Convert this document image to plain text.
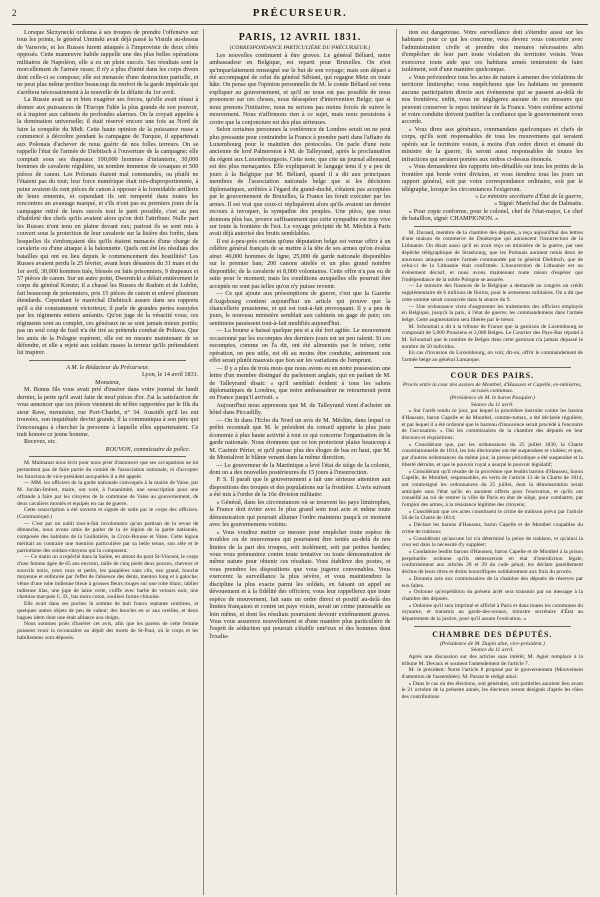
2	PRÉCURSEUR.

Lorsque Skrzynecki ordonna à ses troupes de prendre l'offensive sur tous les points, le général Uminski avait déjà passé la Vistule au-dessus de Varsovie, et les Russes furent attaqués à l'improviste de deux côtés opposés. Cette manœuvre habile rappelle une des plus belles opérations militaires de Napoléon, elle a eu un plein succès. Ses résultats sont le morcellement de l'armée russe; il n'y a plus d'unité dans les corps divers dont celle-ci se compose; elle est menacée d'une destruction partielle, et ne peut plus même profiter beaucoup du renfort de la garde impériale qui s'arrêtera nécessairement à la nouvelle de la défaite du 1er avril.

La Russie avait su et bien exagérer ses forces, qu'elle avait réussi à donner aux puissances de l'Europe l'idée la plus grande de son pouvoir, et à inspirer aux cabinets de profondes alarmes. On la croyait appelée à la domination universelle; il était réservé encore une fois au Nord de faire la conquête du Midi. Cette haute opinion de la puissance russe a commencé à décroître pendant la campagne de Turquie, il appartenait aux Polonais d'achever de nous guérir de nos folles terreurs. On se rappelle l'état de l'armée de Diebitsch à l'ouverture de la campagne; elle comptait sous ses drapeaux 100,000 hommes d'infanterie, 30,000 hommes de cavalerie régulière, un nombre immense de cosaques et 500 pièces de canon. Les Polonais étaient mal commandés, ou plutôt ne l'étaient pas du tout; leur force numérique était très-disproportionnée, à peine avaient-ils cent pièces de canon à opposer à la formidable artillerie de leurs ennemis, et cependant ils ont remporté dans toutes les rencontres un avantage marqué, et s'ils n'ont pas eu premiers jours de la campagne retiré de leurs succès tout le parti possible, c'est au peu d'habileté des chefs qu'ils avaient alors qu'on doit l'attribuer. Nulle part les Russes n'ont tenu en plaine devant eux; partout ils se sont mis à couvert sous la protection de leur cavalerie sur la lisière des forêts, dans lesquelles ils s'enfonçaient dès qu'ils étaient menacés d'une charge de cavalerie ou d'une attaque à la baïonnette. Quels ont été les résultats des batailles qui ont eu lieu depuis le commencement des hostilités? Les Russes avaient perdu le 25 février, avant leurs désastres du 31 mars et du 1er avril, 30,000 hommes tués, blessés ou faits prisonniers, 9 drapeaux et 57 pièces de canon. Sur un autre point, Dwernicki a défait entièrement le corps du général Kreutz; il a chassé les Russes de Radom et de Lublin, fait beaucoup de prisonniers, pris 15 pièces de canon et enlevé plusieurs étendards. Cependant le maréchal Diebitsch assure dans ses rapports qu'il a été constamment victorieux; il parle de grandes pertes essuyées par les régiments entiers anéantis. Qu'on juge de la véracité vous; ces régiments sont au complet, ces généraux ne se sont jamais mieux portés; pas un seul coup de fusil n'a été tiré au prétendu combat de Poltava. Que les amis de la Pologne espèrent, elle est en mesure maintenant de se défendre, et elle a rejeté aux soldats russes la terreur qu'ils prétendaient lui inspirer.

A M. le Rédacteur du Précurseur.
Lyon, le 14 avril 1831.
Monsieur,

M. Bonus fils vous avait prié d'insérer dans votre journal de lundi dernier, la perte qu'il avait faite de neuf pièces d'or. J'ai la satisfaction de vous annoncer que ces pièces viennent de m'être rapportées par le fils du sieur Rave, menuisier, rue Port-Charlet, n° 34. Aussitôt qu'il les eut trouvées, son inquiétude devint grande, il la communiqua à son père qui l'encouragea à chercher la personne à laquelle elles appartenaient. Ce trait honore ce jeune homme.

Recevez, etc.

ROUVON, commissaire de police.

M. Malmaust nous écrit pour nous prier d'annoncer que ses occupations ne lui permettent pas de faire partie du comité de l'association nationale, ni d'accepter les fonctions de vice-président auxquelles il a été appelé.

— MM. les officiers de la garde nationale convoqués à la mairie de Vaise, par M. Jordan-Imbret, maire, ont voté, à l'unanimité, une souscription pour une offrande à faire par les citoyens de la commune de Vaise au gouvernement, de deux cavaliers montés et équipés en cas de guerre.

Cette souscription a été ouverte et signée de suite par le corps des officiers. (Communiqué.)

— C'est par un oubli tout-à-fait involontaire qu'un partisan de la revue de dimanche, nous avons omis de parler de la 4e légion de la garde nationale, composée des habitans de la Guillotière, la Croix-Rousse et Vaise. Cette légion méritait au contraire une mention particulière par sa belle tenue, son zèle et le patriotisme des soldats-citoyens qui la composent.

— Ce matin on a repêché dans la Saône, en amont du pont St-Vincent, le corps d'une femme âgée de 65 ans environ, taille de cinq pieds deux pouces, cheveux et sourcils noirs, yeux roux et petits, les paupières sans cils, nez grand, bouche moyenne et enfoncée par l'effet de l'absence des dents, menton long et à galoche; vêtue d'une robe indienne bleue à grosses fleurs rouges sur une robe blanc, tablier indienne lilas, une jupe de laine verte, coiffe avec barbe de velours noir, une chemise marquée C. D., bas noirs coton, souliers forme chinoise.

Elle avait dans ses poches la somme de huit francs septante centimes, et quelques autres objets de peu de valeur; des boucles en or aux oreilles, et deux bagues idem dont une était alliance aux doigts.

Nous sommes priés d'insérer cet avis, afin que les parens de cette femme puissent venir la reconnaître au dépôt des morts de St-Paul, où le corps et les habillemens sont déposés.

PARIS, 12 AVRIL 1831.
(CORRESPONDANCE PARTICULIÈRE DU PRÉCURSEUR.)

Les nouvelles continuent à être graves. Le général Béliard, notre ambassadeur en Belgique, est reparti pour Bruxelles. On n'est qu'imparfaitement renseigné sur le but de son voyage; mais son départ a été accompagné de celui du général Sébiani, qui regagne Metz en toute hâte. On pense que l'opinion personnelle de M. le comte Béliard est venu expliquer au gouvernement, et qu'il ne nous est pas possible de nous prononcer sur ces choses, nous désespérer d'intervention Belge; que si nous prenons l'initiative, nous ne serions pas moins forcés de suivre le mouvement. Nous n'affirmons rien à ce sujet, mais nous persistons à croire que la conjoncture est des plus sérieuses.

Selon certaines personnes la conférence de Londres serait on ne peut plus pressante pour contraindre la France à prendre parti dans l'affaire du Luxembourg pour le maintien des protocoles. On parle d'une note ancienne de lord Palmerston à M. de Talleyrand, après la proclamation du régent aux Luxembourgeois. Cette note, que cite un journal allemand, est des plus menaçantes. Elle expliquerait le langage tenu il y a peu de jours à la Belgique par M. Béliard, quand il a dit aux principaux membres de l'association nationale belge que si les décisions diplomatiques, arrêtées à l'égard du grand-duché, s'étaient pas acceptées par le gouvernement de Bruxelles, la France les ferait exécuter par les armes. Il est vrai que ceux-ci répliquèrent alors qu'ils avaient un dernier recours à invoquer, la sympathie des peuples. Une pièce, que nous donnons plus bas, prouve suffisamment que cette sympathie est trop vive sur toute la frontière de l'est. Le voyage précipité de M. Méchin à Paris avait déjà autorisé des bruits semblables.

Il est à-peu-près certain qu'une députation belge est venue offrir à un célèbre général français de se mettre à la tête de ses armes qu'on évalue ainsi: 40,000 hommes de ligne, 25,000 de garde nationale disponibles sur le premier ban; 200 canons attelés et un plus grand nombre disponible; de la cavalerie et 8,000 volontaires. Cette offre n'a pas eu de suite pour le moment; mais les conditions auxquelles elle pourrait être acceptée ne sont pas telles qu'on n'y puisse revenir.

— Ce qui ajoute aux présomptions de guerre, c'est que la Gazette d'Augsbourg contient aujourd'hui un article qui prouve que la chancellerie prussienne, et qui est tout-à-fait provoquant. Il y a peu de jours, le nouveau ministère semblait aux cabinets un gage de paix; ces sentimens paraissent tout-à-fait modifiés aujourd'hui.

— La bourse a baissé quelque peu et a été fort agitée. Le mouvement occasionné par les escomptes des derniers jours est un peu ralenti. Si ces escomptes, comme on l'a dit, ont été alimentés par le trésor, cette opération, on peu utile, est dû au moins être conduite, autrement son effet serait plutôt mauvais que bon sur les variations de l'emprunt.

— Il y a plus de trois mois que nous avons eu en notre possession une lettre d'un membre distingué du parlement anglais, qui en parlant de M. de Talleyrand disait: « qu'il semblait évident à tous les salons diplomatiques de Londres, que notre ambassadeur ne retournerait point en France jusqu'il arrivait. »

Aujourd'hui nous apprenons que M. de Talleyrand vient d'acheter un hôtel dans Piccadilly.

— On lit dans l'Echo du Nord un avis de M. Méchin, dans lequel ce préfet reconnaît que M. le président du conseil apporte la plus juste économie à plus haute activité à tout ce qui concerne l'organisation de la garde nationale. Nous étonnons que ce ton protecteur plaise beaucoup à M. Casimir Périer, et qu'il puisse plus des éloges de bas en haut, que M. de Montalivet le blâme venant dans la même direction.

— Le gouverneur de la Martinique a levé l'état de siège de la colonie, dont on a des nouvelles postérieures du 15 jours à l'insurrection.

P. S. Il paraît que le gouvernement a fait une sérieuse attention aux dispositions des troupes et des populations sur la frontière. L'avis suivant a été mis à l'ordre de la 16e division militaire:

« Général, dans les circonstances où se trouvent les pays limitrophes, la France doit éviter avec le plus grand soin tout acte et même toute démonstration qui pourrait allumer l'ordre maintenu jusqu'à ce moment avec les gouvernemens voisins.

« Vous voudrez mettre ce mesure pour empêcher toute espèce de troubles ou de mouvemens qui pourraient être tentés au-delà de nos limites de la part des troupes, soit isolément, soit par petites bandes; vous vous prémunirez contre toute tentative ou toute démonstration de même nature pour obtenir ces résultats. Vous établirez des postes, et vous prendrez les dispositions que vous jugerez convenables. Vous exercerez la surveillance la plus sévère, et vous maintiendrez la discipline la plus exacte parmi les soldats, en faisant un appel au dévouement et à la fidélité des officiers; vous leur rappellerez que toute espèce de mouvement, fait sans un ordre direct et positif au-delà des limites françaises et contre un pays voisin, serait un crime punissable au loin même, et dont les résultats pourraient devenir extrêmement graves. Vous vous assurerez nouvellement et d'une manière plus particulière de l'esprit de séduction qui pourrait s'établir entr'eux et des hommes dont l'exalta-

tion est dangereuse. Votre surveillance doit s'étendre aussi sur les habitans: pour ce qui les concerne, vous devrez vous concerter avec l'administration civile et prendre des mesures nécessaires afin d'empêcher de leur part toute violation du territoire voisin. Vous exercerez toute aide que ces habitans armés tenteraient de faire isolément, soit d'une manière quelconque.

« Vous préviendrez tous les actes de nature à amener des violations de territoire limitrophe; vous empêcherez que les habitans ne prennent aucune participation directe aux événemens qui se passent au-delà de nos frontières; enfin, vous ne négligerez aucune de ces mesures qui peuvent conserver le repos intérieur de la France. Votre extrême activité et votre conduite doivent justifier la confiance que le gouvernement vous accorde.

« Vous direz aux généraux, commandans quelconques et chefs de corps, qu'ils sont responsables de tous les mouvemens qui seraient opérés sur le territoire voisin, à moins d'un ordre direct et émané du ministre de la guerre; ils seront aussi responsables de toutes les infractions qui seraient portées aux ordres ci-dessus énoncés.

« Vous demanderez des rapports très-détaillés sur tous les points de la frontière qui borde votre division, et vous tiendrez tous les jours un rapport général, soit par votre correspondance ordinaire, soit par le télégraphe, lorsque les circonstances l'exigeront.

« Le ministre secrétaire d'État de la guerre,
« Signé: Maréchal duc de Dalmatie.

« Pour copie conforme, pour le colonel, chef de l'état-major, Le chef de bataillon, signé: CHAMPIGNON. »

M. Durand, membre de la chambre des députés, a reçu aujourd'hui des lettres d'une maison de commerce de Dunkerque qui annoncent l'insurrection de la Lithuanie. On disait aussi qu'il en avait reçu un ministère de la guerre, par une dépêche télégraphique de Strasbourg, que les Polonais auraient remis deux de nouveaux attaques contre l'armée commandée par le général Diebitsch, que de celui-ci de la Lithuanie était confirmée. L'insurrection de Lithuanie est un événement décisif, et nous avons maintenant toute raison d'espérer que l'indépendance de la noble Pologne se assurée.

— Le ministre des finances de la Belgique a demandé au congrès un crédit supplémentaire de 6 millions de florins, pour le armemens militaires. On a dit que cette somme serait consacrée dans la séance du 9.

— Une ordonnance vient d'augmenter les traitements des officiers employés en Belgique, jusqu'à la paix, à l'état de guerre; les commandemens dans l'armée belge. Cette augmentation sera libérée par le trésor.

M. Schouttail a dit à la tribune de France que la garnison de Luxembourg se composait de 5,000 Prussiens et 2,000 Belges. Le Courrier des Pays-Bas répond à M. Schouttail que le nombre de Belges dans cette garnison n'a jamais dépassé le nombre de 50 individus.

En cas d'invasion du Luxembourg, on voit, dit-on, offrir le commandement de l'armée belge au général Lamarque.

COUR DES PAIRS.
Procès entre la cour des assises de Montbel, d'Haussez et Capelle, ex-ministres, accusés contumax.
(Présidence de M. le baron Pasquier.)
Séance du 11 avril.

« Sur l'arrêt rendu ce jour, par lequel la procédure instruite contre les barons d'Haussez, baron Capelle et de Montbel, comme-tumax, a été déclarée régulière, et par lequel il a été ordonné que le barreau d'innocence serait procédé à l'encontre de l'accusation. « Ouï les commissaires de la chambre des députés en leur discours et réquisitions;

« Considérant que, par les ordonnances du 25 juillet 1830, la Charte constitutionnelle de 1814, les lois électorales ont été suspendues et violées; et que, par d'autres ordonnances du même jour, la presse périodique a été suspendue et la liberté détruite, et que le pouvoir royal a usurpé le pouvoir législatif;

« Considérant qu'il résulte de la procédure que lesdits barons d'Haussez, baron Capelle, de Montbel, responsables, en vertu de l'article 13 de la Charte de 1814, ont contresigné les ordonnances du 25 juillet, dont la démonstration serait anticipée sans l'état qu'ils en auraient offerts pour l'exécution, et qu'ils ont conseillé au roi de rentrer la ville de Paris en état de siège, pour combattre, par l'emploi des armes, à la résistance légitime des citoyens;

« Considérant que ces actes constituent le crime de trahison prévu par l'article 56 de la Charte de 1814;

« Déclare les barons d'Haussez, baron Capelle et de Montbel coupables du crime de trahison;

« Considérant qu'aucune loi n'a déterminé la peine de trahison, et qu'ainsi la cour est dans la nécessité d'y suppléer;

« Condamne lesdits barons d'Haussez, baron Capelle et de Montbel à la prison perpétuelle: ordonne qu'ils demeureront en état d'interdiction légale, conformément aux articles 28 et 29 du code pénal; les déclare pareillement déchus de leurs titres et droits honorifiques solidairement aux frais du procès.

« Donnera acte aux commissaires de la chambre des députés de réserves par eux faites.

« Ordonne qu'expédition du présent arrêt sera transmis par un message à la chambre des députés.

« Ordonne qu'il sera imprimé et affiché à Paris et dans toutes les communes du royaume, et transmis au garde-des-sceaux, ministre secrétaire d'État au département de la justice, pour qu'il assure l'exécution. »

CHAMBRE DES DÉPUTÉS.
(Présidence de M. Dupin aîné, vice-président.)
Séance du 11 avril.

Après une discussion sur des articles sans intérêt, M. Agier remplace à la tribune M. Devaux et soutient l'amendement de l'article 7.

M. le président: Notre l'article 8 proposé par le gouvernement (Mouvement d'attention de l'assemblée). M. Parant le rédigé ainsi:

« Dans le cas où des élections, soit générales, soit partielles auraient lieu avant le 21 octobre de la présente année, les électeurs seront désignés d'après les rôles des contributions
